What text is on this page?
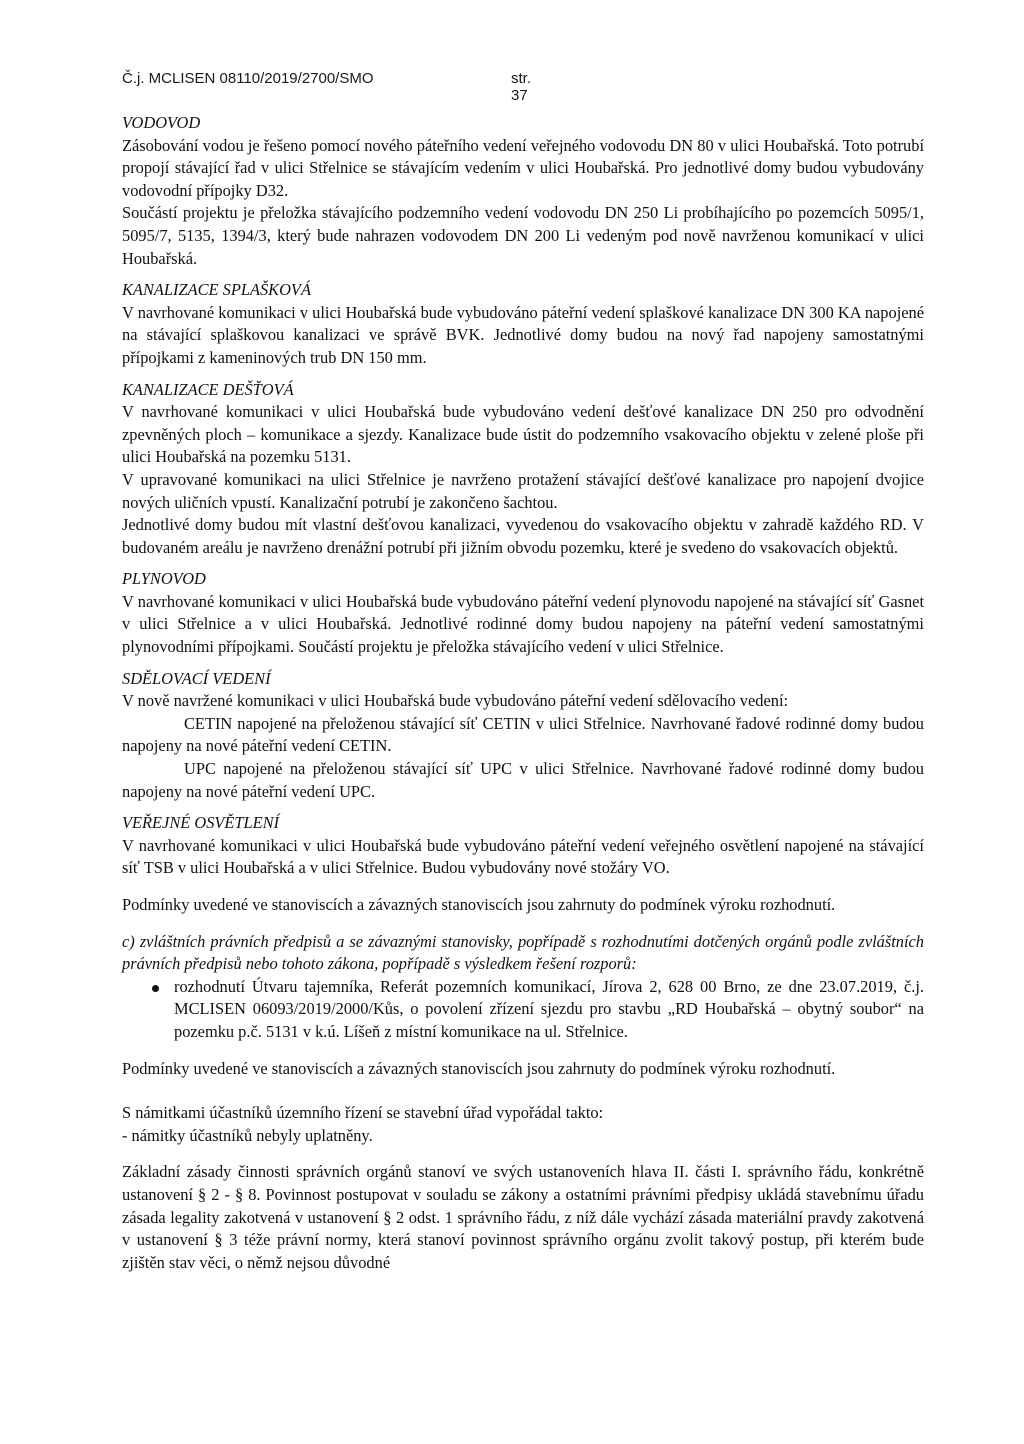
Č.j. MCLISEN 08110/2019/2700/SMO	str. 37

VODOVOD

Zásobování vodou je řešeno pomocí nového páteřního vedení veřejného vodovodu DN 80 v ulici Houbařská. Toto potrubí propojí stávající řad v ulici Střelnice se stávajícím vedením v ulici Houbařská. Pro jednotlivé domy budou vybudovány vodovodní přípojky D32.

Součástí projektu je přeložka stávajícího podzemního vedení vodovodu DN 250 Li probíhajícího po pozemcích 5095/1, 5095/7, 5135, 1394/3, který bude nahrazen vodovodem DN 200 Li vedeným pod nově navrženou komunikací v ulici Houbařská.

KANALIZACE SPLAŠKOVÁ

V navrhované komunikaci v ulici Houbařská bude vybudováno páteřní vedení splaškové kanalizace DN 300 KA napojené na stávající splaškovou kanalizaci ve správě BVK. Jednotlivé domy budou na nový řad napojeny samostatnými přípojkami z kameninových trub DN 150 mm.

KANALIZACE DEŠŤOVÁ

V navrhované komunikaci v ulici Houbařská bude vybudováno vedení dešťové kanalizace DN 250 pro odvodnění zpevněných ploch – komunikace a sjezdy. Kanalizace bude ústit do podzemního vsakovacího objektu v zelené ploše při ulici Houbařská na pozemku 5131.

V upravované komunikaci na ulici Střelnice je navrženo protažení stávající dešťové kanalizace pro napojení dvojice nových uličních vpustí. Kanalizační potrubí je zakončeno šachtou.

Jednotlivé domy budou mít vlastní dešťovou kanalizaci, vyvedenou do vsakovacího objektu v zahradě každého RD. V budovaném areálu je navrženo drenážní potrubí při jižním obvodu pozemku, které je svedeno do vsakovacích objektů.

PLYNOVOD

V navrhované komunikaci v ulici Houbařská bude vybudováno páteřní vedení plynovodu napojené na stávající síť Gasnet v ulici Střelnice a v ulici Houbařská. Jednotlivé rodinné domy budou napojeny na páteřní vedení samostatnými plynovodními přípojkami. Součástí projektu je přeložka stávajícího vedení v ulici Střelnice.

SDĚLOVACÍ VEDENÍ

V nově navržené komunikaci v ulici Houbařská bude vybudováno páteřní vedení sdělovacího vedení:

CETIN napojené na přeloženou stávající síť CETIN v ulici Střelnice. Navrhované řadové rodinné domy budou napojeny na nové páteřní vedení CETIN.

UPC napojené na přeloženou stávající síť UPC v ulici Střelnice. Navrhované řadové rodinné domy budou napojeny na nové páteřní vedení UPC.

VEŘEJNÉ OSVĚTLENÍ

V navrhované komunikaci v ulici Houbařská bude vybudováno páteřní vedení veřejného osvětlení napojené na stávající síť TSB v ulici Houbařská a v ulici Střelnice. Budou vybudovány nové stožáry VO.

Podmínky uvedené ve stanoviscích a závazných stanoviscích jsou zahrnuty do podmínek výroku rozhodnutí.

c) zvláštních právních předpisů a se závaznými stanovisky, popřípadě s rozhodnutími dotčených orgánů podle zvláštních právních předpisů nebo tohoto zákona, popřípadě s výsledkem řešení rozporů:

rozhodnutí Útvaru tajemníka, Referát pozemních komunikací, Jírova 2, 628 00 Brno, ze dne 23.07.2019, č.j. MCLISEN 06093/2019/2000/Kůs, o povolení zřízení sjezdu pro stavbu „RD Houbařská – obytný soubor“ na pozemku p.č. 5131 v k.ú. Líšeň z místní komunikace na ul. Střelnice.

Podmínky uvedené ve stanoviscích a závazných stanoviscích jsou zahrnuty do podmínek výroku rozhodnutí.

S námitkami účastníků územního řízení se stavební úřad vypořádal takto:

- námitky účastníků nebyly uplatněny.

Základní zásady činnosti správních orgánů stanoví ve svých ustanoveních hlava II. části I. správního řádu, konkrétně ustanovení § 2 - § 8. Povinnost postupovat v souladu se zákony a ostatními právními předpisy ukládá stavebnímu úřadu zásada legality zakotvená v ustanovení § 2 odst. 1 správního řádu, z níž dále vychází zásada materiální pravdy zakotvená v ustanovení § 3 téže právní normy, která stanoví povinnost správního orgánu zvolit takový postup, při kterém bude zjištěn stav věci, o němž nejsou důvodné
